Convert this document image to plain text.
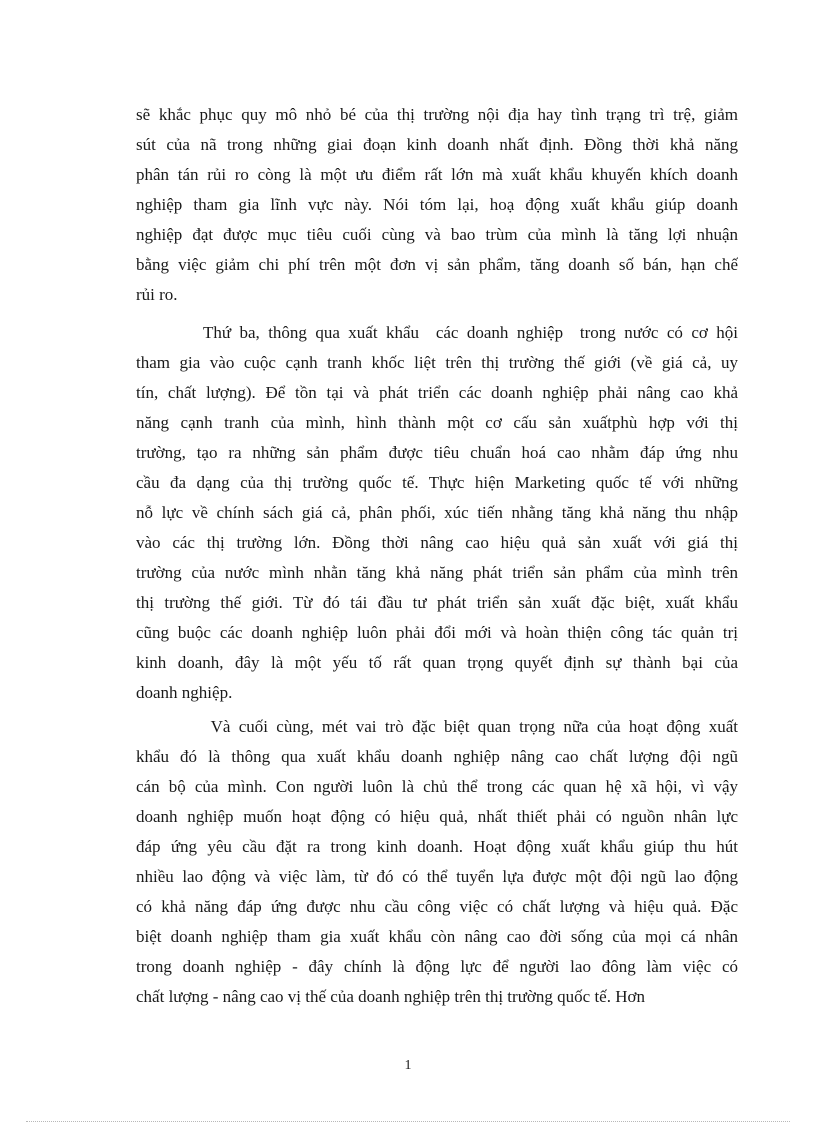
sẽ khắc phục quy mô nhỏ bé của thị trường nội địa hay tình trạng trì trệ, giảm
sút của nã trong những giai đoạn kinh doanh nhất định. Đồng thời khả năng
phân tán rủi ro còng là một ưu điểm rất lớn mà xuất khẩu khuyến khích doanh
nghiệp tham gia lĩnh vực này. Nói tóm lại, hoạ động xuất khẩu giúp doanh
nghiệp đạt được mục tiêu cuối cùng và bao trùm của mình là tăng lợi nhuận
bằng việc giảm chi phí trên một đơn vị sản phẩm, tăng doanh số bán, hạn chế
rủi ro.
Thứ ba, thông qua xuất khẩu  các doanh nghiệp  trong nước có cơ hội
tham gia vào cuộc cạnh tranh khốc liệt trên thị trường thế giới (về giá cả, uy
tín, chất lượng). Để tồn tại và phát triển các doanh nghiệp phải nâng cao khả
năng cạnh tranh của mình, hình thành một cơ cấu sản xuấtphù hợp với thị
trường, tạo ra những sản phẩm được tiêu chuẩn hoá cao nhằm đáp ứng nhu
cầu đa dạng của thị trường quốc tế. Thực hiện Marketing quốc tế với những
nỗ lực về chính sách giá cả, phân phối, xúc tiến nhằng tăng khả năng thu nhập
vào các thị trường lớn. Đồng thời nâng cao hiệu quả sản xuất với giá thị
trường của nước mình nhằn tăng khả năng phát triển sản phẩm của mình trên
thị trường thế giới. Từ đó tái đầu tư phát triển sản xuất đặc biệt, xuất khẩu
cũng buộc các doanh nghiệp luôn phải đổi mới và hoàn thiện công tác quản trị
kinh doanh, đây là một yếu tố rất quan trọng quyết định sự thành bại của
doanh nghiệp.
Và cuối cùng, mét vai trò đặc biệt quan trọng nữa của hoạt động xuất
khẩu đó là thông qua xuất khẩu doanh nghiệp nâng cao chất lượng đội ngũ
cán bộ của mình. Con người luôn là chủ thể trong các quan hệ xã hội, vì vậy
doanh nghiệp muốn hoạt động có hiệu quả, nhất thiết phải có nguồn nhân lực
đáp ứng yêu cầu đặt ra trong kinh doanh. Hoạt động xuất khẩu giúp thu hút
nhiều lao động và việc làm, từ đó có thể tuyển lựa được một đội ngũ lao động
có khả năng đáp ứng được nhu cầu công việc có chất lượng và hiệu quả. Đặc
biệt doanh nghiệp tham gia xuất khẩu còn nâng cao đời sống của mọi cá nhân
trong doanh nghiệp - đây chính là động lực để người lao đông làm việc có
chất lượng - nâng cao vị thế của doanh nghiệp trên thị trường quốc tế. Hơn
1
